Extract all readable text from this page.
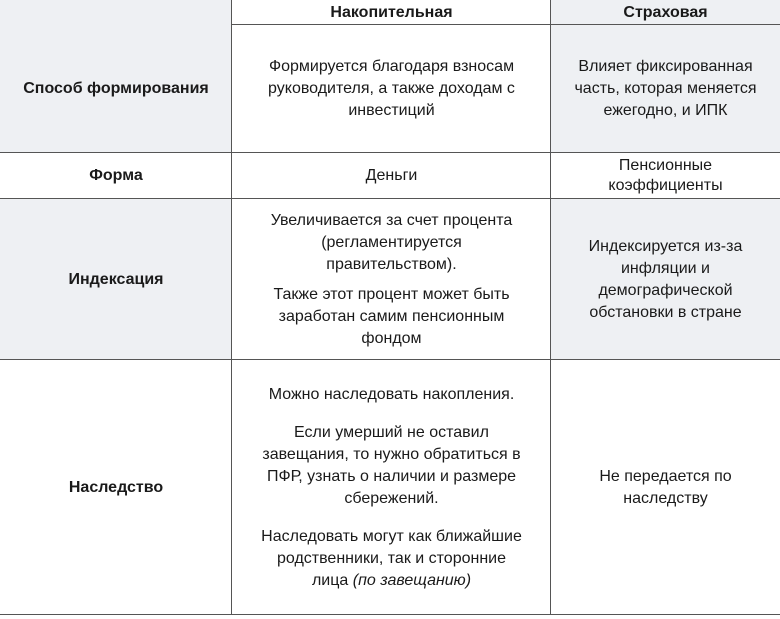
Накопительная	Страховая
Способ формирования
Формируется благодаря взносам
руководителя, а также доходам с
инвестиций
Влияет фиксированная
часть, которая меняется
ежегодно, и ИПК
Форма	Деньги
Пенсионные
коэффициенты
Индексация

Увеличивается за счет процента
(регламентируется
правительством).

Также этот процент может быть
заработан самим пенсионным
фондом

Индексируется из-за
инфляции и
демографической
обстановки в стране
Наследство

Можно наследовать накопления.

Если умерший не оставил
завещания, то нужно обратиться в
ПФР, узнать о наличии и размере
сбережений.

Наследовать могут как ближайшие
родственники, так и сторонние
лица (по завещанию)

Не передается по
наследству
